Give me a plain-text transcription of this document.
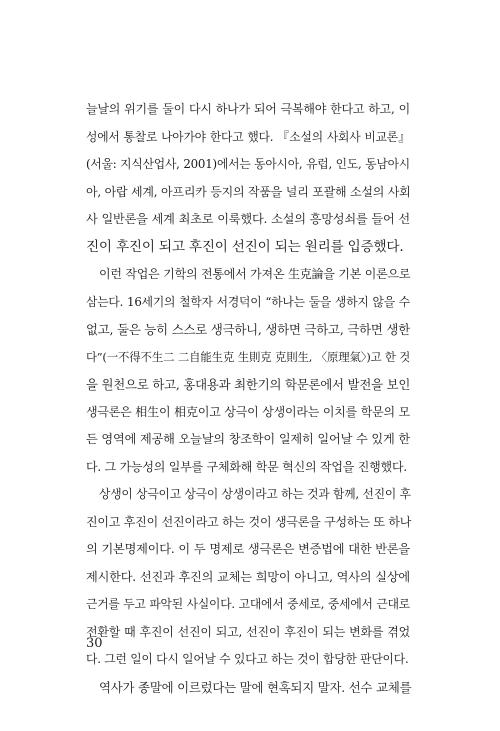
늘날의 위기를 둘이 다시 하나가 되어 극복해야 한다고 하고, 이
성에서 통찰로 나아가야 한다고 했다. 『소설의 사회사 비교론』
(서울: 지식산업사, 2001)에서는 동아시아, 유럽, 인도, 동남아시
아, 아랍 세계, 아프리카 등지의 작품을 널리 포괄해 소설의 사회
사 일반론을 세계 최초로 이룩했다. 소설의 흥망성쇠를 들어 선
진이 후진이 되고 후진이 선진이 되는 원리를 입증했다.
이런 작업은 기학의 전통에서 가져온 生克論을 기본 이론으로
삼는다. 16세기의 철학자 서경덕이 “하나는 둘을 생하지 않을 수
없고, 둘은 능히 스스로 생극하니, 생하면 극하고, 극하면 생한
다”(一不得不生二 二自能生克 生則克 克則生, 〈原理氣〉)고 한 것
을 원천으로 하고, 홍대용과 최한기의 학문론에서 발전을 보인
생극론은 相生이 相克이고 상극이 상생이라는 이치를 학문의 모
든 영역에 제공해 오늘날의 창조학이 일제히 일어날 수 있게 한
다. 그 가능성의 일부를 구체화해 학문 혁신의 작업을 진행했다.
상생이 상극이고 상극이 상생이라고 하는 것과 함께, 선진이 후
진이고 후진이 선진이라고 하는 것이 생극론을 구성하는 또 하나
의 기본명제이다. 이 두 명제로 생극론은 변증법에 대한 반론을
제시한다. 선진과 후진의 교체는 희망이 아니고, 역사의 실상에
근거를 두고 파악된 사실이다. 고대에서 중세로, 중세에서 근대로
전환할 때 후진이 선진이 되고, 선진이 후진이 되는 변화를 겪었
다. 그런 일이 다시 일어날 수 있다고 하는 것이 합당한 판단이다.
역사가 종말에 이르렀다는 말에 현혹되지 말자. 선수 교체를
30
